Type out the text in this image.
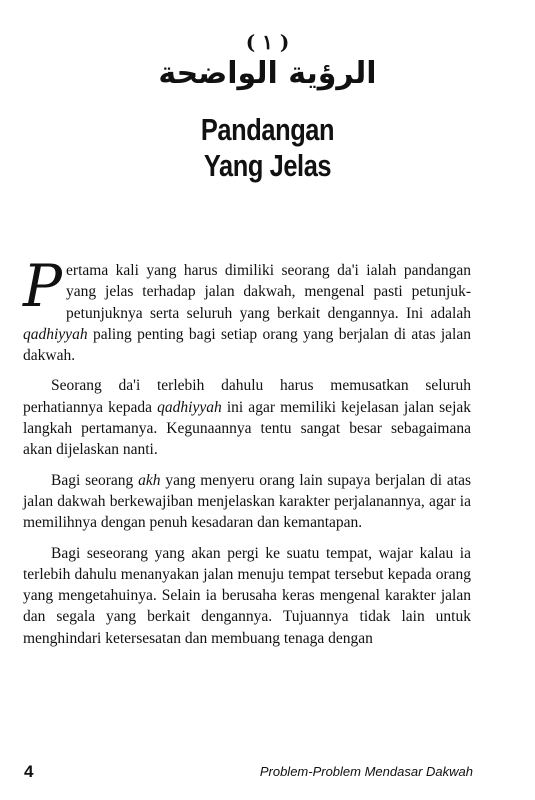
( ١ )
الرؤية الواضحة
Pandangan
Yang Jelas

Pertama kali yang harus dimiliki seorang da'i ialah pandangan yang jelas terhadap jalan dakwah, mengenal pasti petunjuk-petunjuknya serta seluruh yang berkait dengannya. Ini adalah qadhiyyah paling penting bagi setiap orang yang berjalan di atas jalan dakwah.

Seorang da'i terlebih dahulu harus memusatkan seluruh perhatiannya kepada qadhiyyah ini agar memiliki kejelasan jalan sejak langkah pertamanya. Kegunaannya tentu sangat besar sebagaimana akan dijelaskan nanti.

Bagi seorang akh yang menyeru orang lain supaya berjalan di atas jalan dakwah berkewajiban menjelaskan karakter perjalanannya, agar ia memilihnya dengan penuh kesadaran dan kemantapan.

Bagi seseorang yang akan pergi ke suatu tempat, wajar kalau ia terlebih dahulu menanyakan jalan menuju tempat tersebut kepada orang yang mengetahuinya. Selain ia berusaha keras mengenal karakter jalan dan segala yang berkait dengannya. Tujuannya tidak lain untuk menghindari ketersesatan dan membuang tenaga dengan

4	Problem-Problem Mendasar Dakwah
